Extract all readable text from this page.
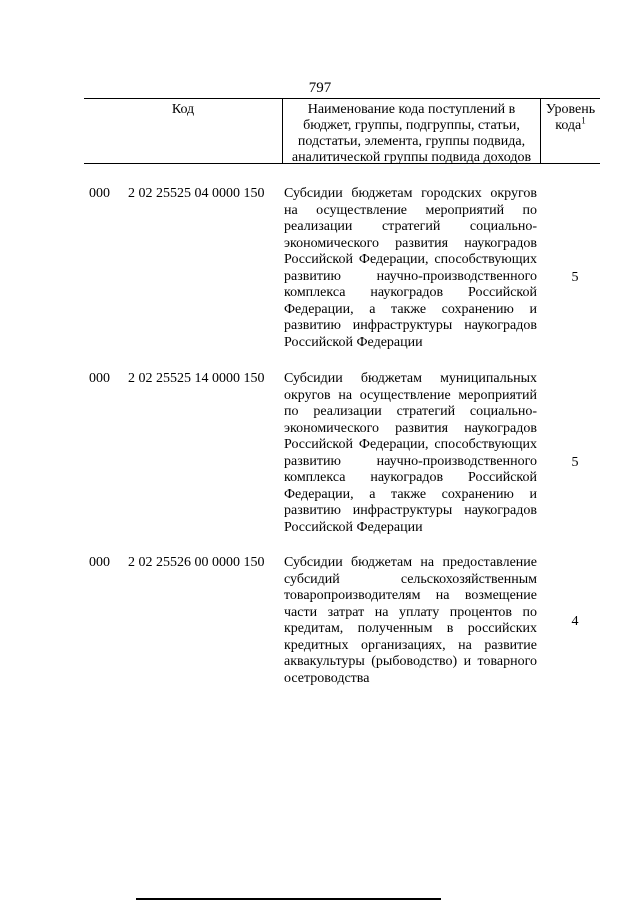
797
Код	Наименование кода поступлений в бюджет, группы, подгруппы, статьи, подстатьи, элемента, группы подвида, аналитической группы подвида доходов
Уровень кода$^1$
000 2 02 25525 04 0000 150 Субсидии бюджетам городских округов на осуществление мероприятий по реализации стратегий социально-экономического развития наукоградов Российской Федерации, способствующих развитию научно-производственного комплекса наукоградов Российской Федерации, а также сохранению и развитию инфраструктуры наукоградов Российской Федерации
5
000 2 02 25525 14 0000 150 Субсидии бюджетам муниципальных округов на осуществление мероприятий по реализации стратегий социально-экономического развития наукоградов Российской Федерации, способствующих развитию научно-производственного комплекса наукоградов Российской Федерации, а также сохранению и развитию инфраструктуры наукоградов Российской Федерации
5
000 2 02 25526 00 0000 150 Субсидии бюджетам на предоставление субсидий сельскохозяйственным товаропроизводителям на возмещение части затрат на уплату процентов по кредитам, полученным в российских кредитных организациях, на развитие аквакультуры (рыбоводство) и товарного осетроводства
4
